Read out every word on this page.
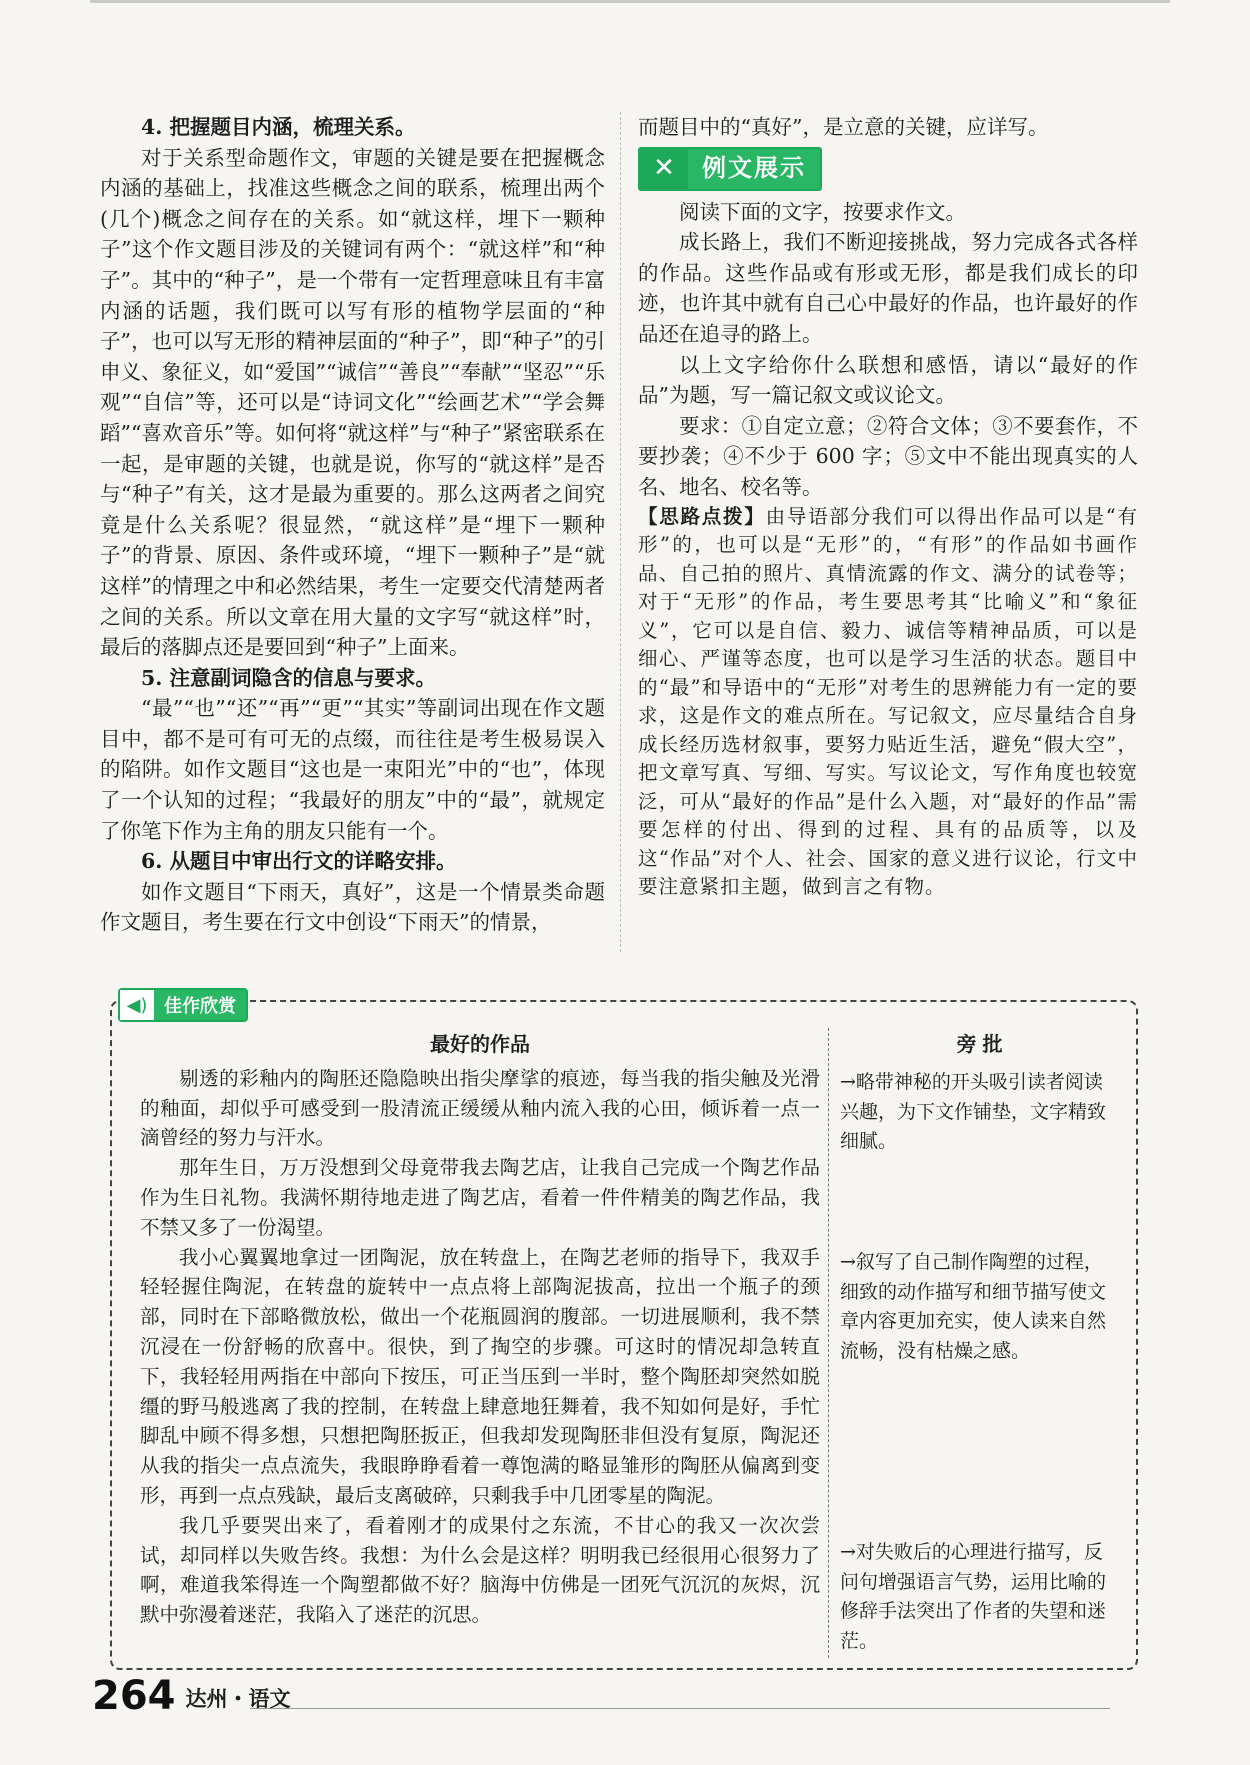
4. 把握题目内涵，梳理关系。

对于关系型命题作文，审题的关键是要在把握概念内涵的基础上，找准这些概念之间的联系，梳理出两个(几个)概念之间存在的关系。如“就这样，埋下一颗种子”这个作文题目涉及的关键词有两个：“就这样”和“种子”。其中的“种子”，是一个带有一定哲理意味且有丰富内涵的话题，我们既可以写有形的植物学层面的“种子”，也可以写无形的精神层面的“种子”，即“种子”的引申义、象征义，如“爱国”“诚信”“善良”“奉献”“坚忍”“乐观”“自信”等，还可以是“诗词文化”“绘画艺术”“学会舞蹈”“喜欢音乐”等。如何将“就这样”与“种子”紧密联系在一起，是审题的关键，也就是说，你写的“就这样”是否与“种子”有关，这才是最为重要的。那么这两者之间究竟是什么关系呢？很显然，“就这样”是“埋下一颗种子”的背景、原因、条件或环境，“埋下一颗种子”是“就这样”的情理之中和必然结果，考生一定要交代清楚两者之间的关系。所以文章在用大量的文字写“就这样”时，最后的落脚点还是要回到“种子”上面来。

5. 注意副词隐含的信息与要求。

“最”“也”“还”“再”“更”“其实”等副词出现在作文题目中，都不是可有可无的点缀，而往往是考生极易误入的陷阱。如作文题目“这也是一束阳光”中的“也”，体现了一个认知的过程；“我最好的朋友”中的“最”，就规定了你笔下作为主角的朋友只能有一个。

6. 从题目中审出行文的详略安排。

如作文题目“下雨天，真好”，这是一个情景类命题作文题目，考生要在行文中创设“下雨天”的情景，

而题目中的“真好”，是立意的关键，应详写。

✕	例文展示

阅读下面的文字，按要求作文。

成长路上，我们不断迎接挑战，努力完成各式各样的作品。这些作品或有形或无形，都是我们成长的印迹，也许其中就有自己心中最好的作品，也许最好的作品还在追寻的路上。

以上文字给你什么联想和感悟，请以“最好的作品”为题，写一篇记叙文或议论文。

要求：①自定立意；②符合文体；③不要套作，不要抄袭；④不少于 600 字；⑤文中不能出现真实的人名、地名、校名等。

【思路点拨】由导语部分我们可以得出作品可以是“有形”的，也可以是“无形”的，“有形”的作品如书画作品、自己拍的照片、真情流露的作文、满分的试卷等；对于“无形”的作品，考生要思考其“比喻义”和“象征义”，它可以是自信、毅力、诚信等精神品质，可以是细心、严谨等态度，也可以是学习生活的状态。题目中的“最”和导语中的“无形”对考生的思辨能力有一定的要求，这是作文的难点所在。写记叙文，应尽量结合自身成长经历选材叙事，要努力贴近生活，避免“假大空”，把文章写真、写细、写实。写议论文，写作角度也较宽泛，可从“最好的作品”是什么入题，对“最好的作品”需要怎样的付出、得到的过程、具有的品质等，以及这“作品”对个人、社会、国家的意义进行议论，行文中要注意紧扣主题，做到言之有物。

◀) 佳作欣赏
最好的作品

剔透的彩釉内的陶胚还隐隐映出指尖摩挲的痕迹，每当我的指尖触及光滑的釉面，却似乎可感受到一股清流正缓缓从釉内流入我的心田，倾诉着一点一滴曾经的努力与汗水。

那年生日，万万没想到父母竟带我去陶艺店，让我自己完成一个陶艺作品作为生日礼物。我满怀期待地走进了陶艺店，看着一件件精美的陶艺作品，我不禁又多了一份渴望。

我小心翼翼地拿过一团陶泥，放在转盘上，在陶艺老师的指导下，我双手轻轻握住陶泥，在转盘的旋转中一点点将上部陶泥拔高，拉出一个瓶子的颈部，同时在下部略微放松，做出一个花瓶圆润的腹部。一切进展顺利，我不禁沉浸在一份舒畅的欣喜中。很快，到了掏空的步骤。可这时的情况却急转直下，我轻轻用两指在中部向下按压，可正当压到一半时，整个陶胚却突然如脱缰的野马般逃离了我的控制，在转盘上肆意地狂舞着，我不知如何是好，手忙脚乱中顾不得多想，只想把陶胚扳正，但我却发现陶胚非但没有复原，陶泥还从我的指尖一点点流失，我眼睁睁看着一尊饱满的略显雏形的陶胚从偏离到变形，再到一点点残缺，最后支离破碎，只剩我手中几团零星的陶泥。

我几乎要哭出来了，看着刚才的成果付之东流，不甘心的我又一次次尝试，却同样以失败告终。我想：为什么会是这样？明明我已经很用心很努力了啊，难道我笨得连一个陶塑都做不好？脑海中仿佛是一团死气沉沉的灰烬，沉默中弥漫着迷茫，我陷入了迷茫的沉思。

旁批

→略带神秘的开头吸引读者阅读兴趣，为下文作铺垫，文字精致细腻。

→叙写了自己制作陶塑的过程，细致的动作描写和细节描写使文章内容更加充实，使人读来自然流畅，没有枯燥之感。

→对失败后的心理进行描写，反问句增强语言气势，运用比喻的修辞手法突出了作者的失望和迷茫。

264 达州・语文
